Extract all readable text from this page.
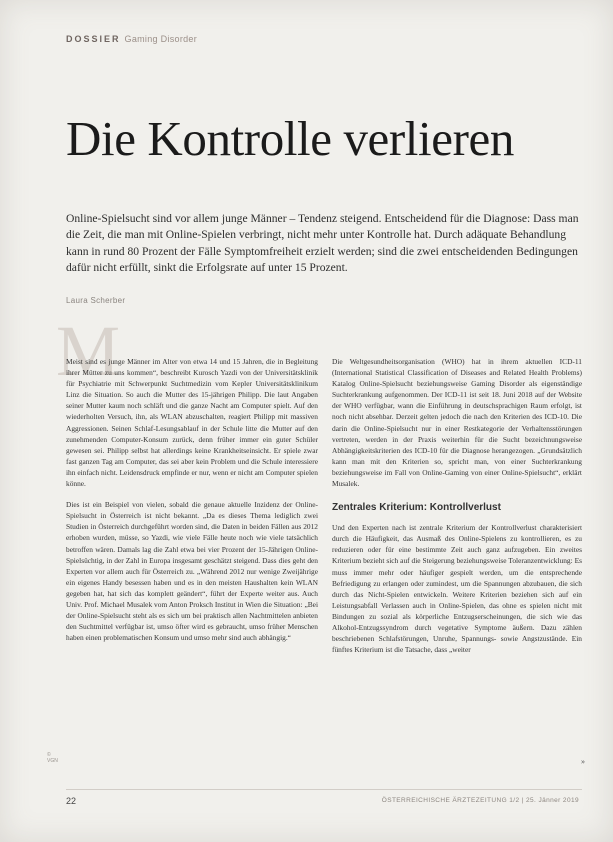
DOSSIER Gaming Disorder
Die Kontrolle verlieren

Online-Spielsucht sind vor allem junge Männer – Tendenz steigend. Entscheidend für die Diagnose: Dass man die Zeit, die man mit Online-Spielen verbringt, nicht mehr unter Kontrolle hat. Durch adäquate Behandlung kann in rund 80 Prozent der Fälle Symptomfreiheit erzielt werden; sind die zwei entscheidenden Bedingungen dafür nicht erfüllt, sinkt die Erfolgsrate auf unter 15 Prozent.

Laura Scherber
M

Meist sind es junge Männer im Alter von etwa 14 und 15 Jahren, die in Begleitung ihrer Mütter zu uns kommen“, beschreibt Kurosch Yazdi von der Universitätsklinik für Psychiatrie mit Schwerpunkt Suchtmedizin vom Kepler Universitätsklinikum Linz die Situation. So auch die Mutter des 15-jährigen Philipp. Die laut Angaben seiner Mutter kaum noch schläft und die ganze Nacht am Computer spielt. Auf den wiederholten Versuch, ihn, als WLAN abzuschalten, reagiert Philipp mit massiven Aggressionen. Seinen Schlaf-Lesungsablauf in der Schule litte die Mutter auf den zunehmenden Computer-Konsum zurück, denn früher immer ein guter Schüler gewesen sei. Philipp selbst hat allerdings keine Krankheitseinsicht. Er spiele zwar fast ganzen Tag am Computer, das sei aber kein Problem und die Schule interessiere ihn einfach nicht. Leidensdruck empfinde er nur, wenn er nicht am Computer spielen könne.

Dies ist ein Beispiel von vielen, sobald die genaue aktuelle Inzidenz der Online-Spielsucht in Österreich ist nicht bekannt. „Da es dieses Thema lediglich zwei Studien in Österreich durchgeführt worden sind, die Daten in beiden Fällen aus 2012 erhoben wurden, müsse, so Yazdi, wie viele Fälle heute noch wie viele tatsächlich betroffen wären. Damals lag die Zahl etwa bei vier Prozent der 15-Jährigen Online-Spielsüchtig, in der Zahl in Europa insgesamt geschätzt steigend. Dass dies geht den Experten vor allem auch für Österreich zu. „Während 2012 nur wenige Zweijährige ein eigenes Handy besessen haben und es in den meisten Haushalten kein WLAN gegeben hat, hat sich das komplett geändert“, führt der Experte weiter aus. Auch Univ. Prof. Michael Musalek vom Anton Proksch Institut in Wien die Situation: „Bei der Online-Spielsucht steht als es sich um bei praktisch allen Nachtmittelen anbieten den Suchtmittel verfügbar ist, umso öfter wird es gebraucht, umso früher Menschen haben einen problematischen Konsum und umso mehr sind auch abhängig.“

Die Weltgesundheitsorganisation (WHO) hat in ihrem aktuellen ICD-11 (International Statistical Classification of Diseases and Related Health Problems) Katalog Online-Spielsucht beziehungsweise Gaming Disorder als eigenständige Suchterkrankung aufgenommen. Der ICD-11 ist seit 18. Juni 2018 auf der Website der WHO verfügbar, wann die Einführung in deutschsprachigen Raum erfolgt, ist noch nicht absehbar. Derzeit gelten jedoch die nach den Kriterien des ICD-10. Die darin die Online-Spielsucht nur in einer Restkategorie der Verhaltensstörungen vertreten, werden in der Praxis weiterhin für die Sucht bezeichnungsweise Abhängigkeitskriterien des ICD-10 für die Diagnose herangezogen. „Grundsätzlich kann man mit den Kriterien so, spricht man, von einer Suchterkrankung beziehungsweise im Fall von Online-Gaming von einer Online-Spielsucht“, erklärt Musalek.

Zentrales Kriterium: Kontrollverlust

Und den Experten nach ist zentrale Kriterium der Kontrollverlust charakterisiert durch die Häufigkeit, das Ausmaß des Online-Spielens zu kontrollieren, es zu reduzieren oder für eine bestimmte Zeit auch ganz aufzugeben. Ein zweites Kriterium bezieht sich auf die Steigerung beziehungsweise Toleranzentwicklung: Es muss immer mehr oder häufiger gespielt werden, um die entsprechende Befriedigung zu erlangen oder zumindest, um die Spannungen abzubauen, die sich durch das Nicht-Spielen entwickeln. Weitere Kriterien beziehen sich auf ein Leistungsabfall Verlassen auch in Online-Spielen, das ohne es spielen nicht mit Bindungen zu sozial als körperliche Entzugserscheinungen, die sich wie das Alkohol-Entzugssyndrom durch vegetative Symptome äußern. Dazu zählen beschriebenen Schlafstörungen, Unruhe, Spannungs- sowie Angstzustände. Ein fünftes Kriterium ist die Tatsache, dass „weiter

© VGN	»
22	ÖSTERREICHISCHE ÄRZTEZEITUNG 1/2 | 25. Jänner 2019
